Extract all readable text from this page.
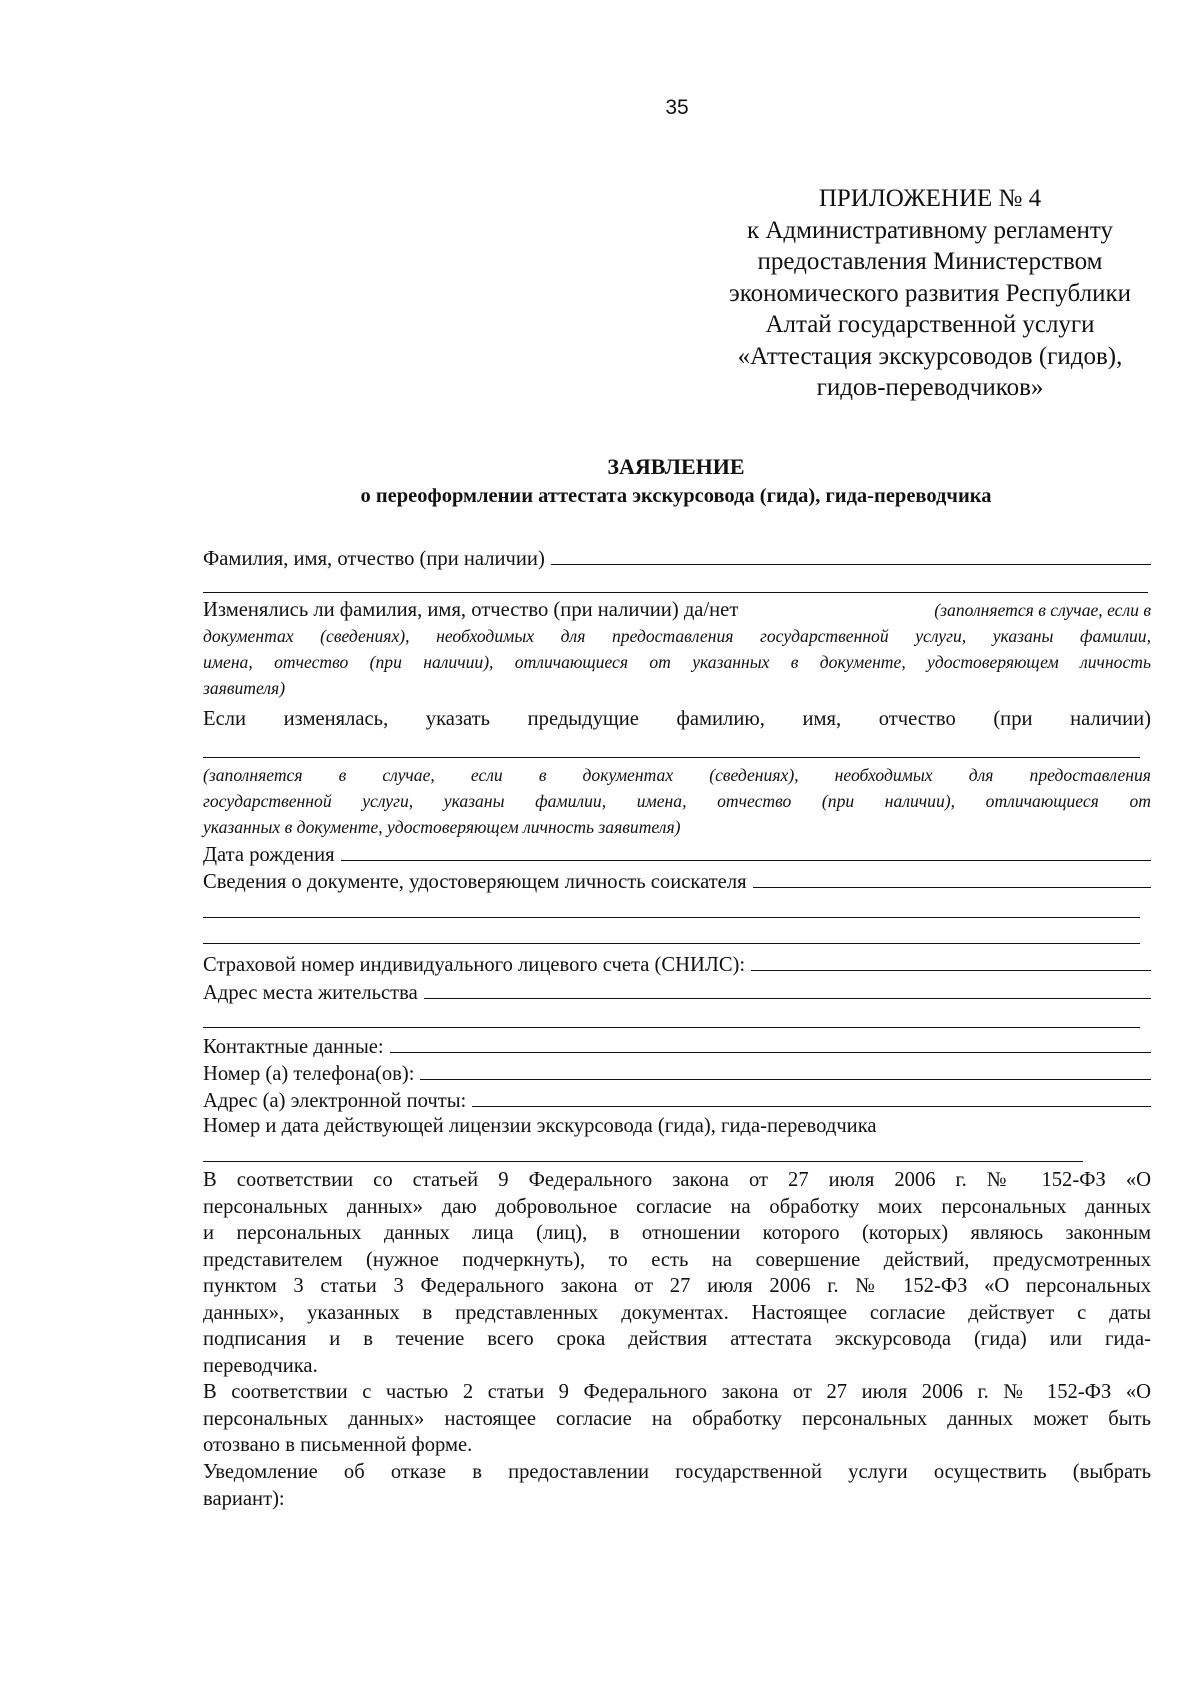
35
ПРИЛОЖЕНИЕ № 4
к Административному регламенту
предоставления Министерством
экономического развития Республики
Алтай государственной услуги
«Аттестация экскурсоводов (гидов),
гидов-переводчиков»
ЗАЯВЛЕНИЕ
о переоформлении аттестата экскурсовода (гида), гида-переводчика
Фамилия, имя, отчество (при наличии)
Изменялись ли фамилия, имя, отчество (при наличии) да/нет	(заполняется в случае, если в
документах (сведениях), необходимых для предоставления государственной услуги, указаны фамилии,
имена, отчество (при наличии), отличающиеся от указанных в документе, удостоверяющем личность
заявителя)
Если изменялась, указать предыдущие фамилию, имя, отчество (при наличии)
(заполняется в случае, если в документах (сведениях), необходимых для предоставления
государственной услуги, указаны фамилии, имена, отчество (при наличии), отличающиеся от
указанных в документе, удостоверяющем личность заявителя)
Дата рождения
Сведения о документе, удостоверяющем личность соискателя
Страховой номер индивидуального лицевого счета (СНИЛС):
Адрес места жительства
Контактные данные:
Номер (а) телефона(ов):
Адрес (а) электронной почты:
Номер и дата действующей лицензии экскурсовода (гида), гида-переводчика
В соответствии со статьей 9 Федерального закона от 27 июля 2006 г. № 152-ФЗ «О
персональных данных» даю добровольное согласие на обработку моих персональных данных
и персональных данных лица (лиц), в отношении которого (которых) являюсь законным
представителем (нужное подчеркнуть), то есть на совершение действий, предусмотренных
пунктом 3 статьи 3 Федерального закона от 27 июля 2006 г. № 152-ФЗ «О персональных
данных», указанных в представленных документах. Настоящее согласие действует с даты
подписания и в течение всего срока действия аттестата экскурсовода (гида) или гида-
переводчика.
В соответствии с частью 2 статьи 9 Федерального закона от 27 июля 2006 г. № 152-ФЗ «О
персональных данных» настоящее согласие на обработку персональных данных может быть
отозвано в письменной форме.
Уведомление об отказе в предоставлении государственной услуги осуществить (выбрать
вариант):
